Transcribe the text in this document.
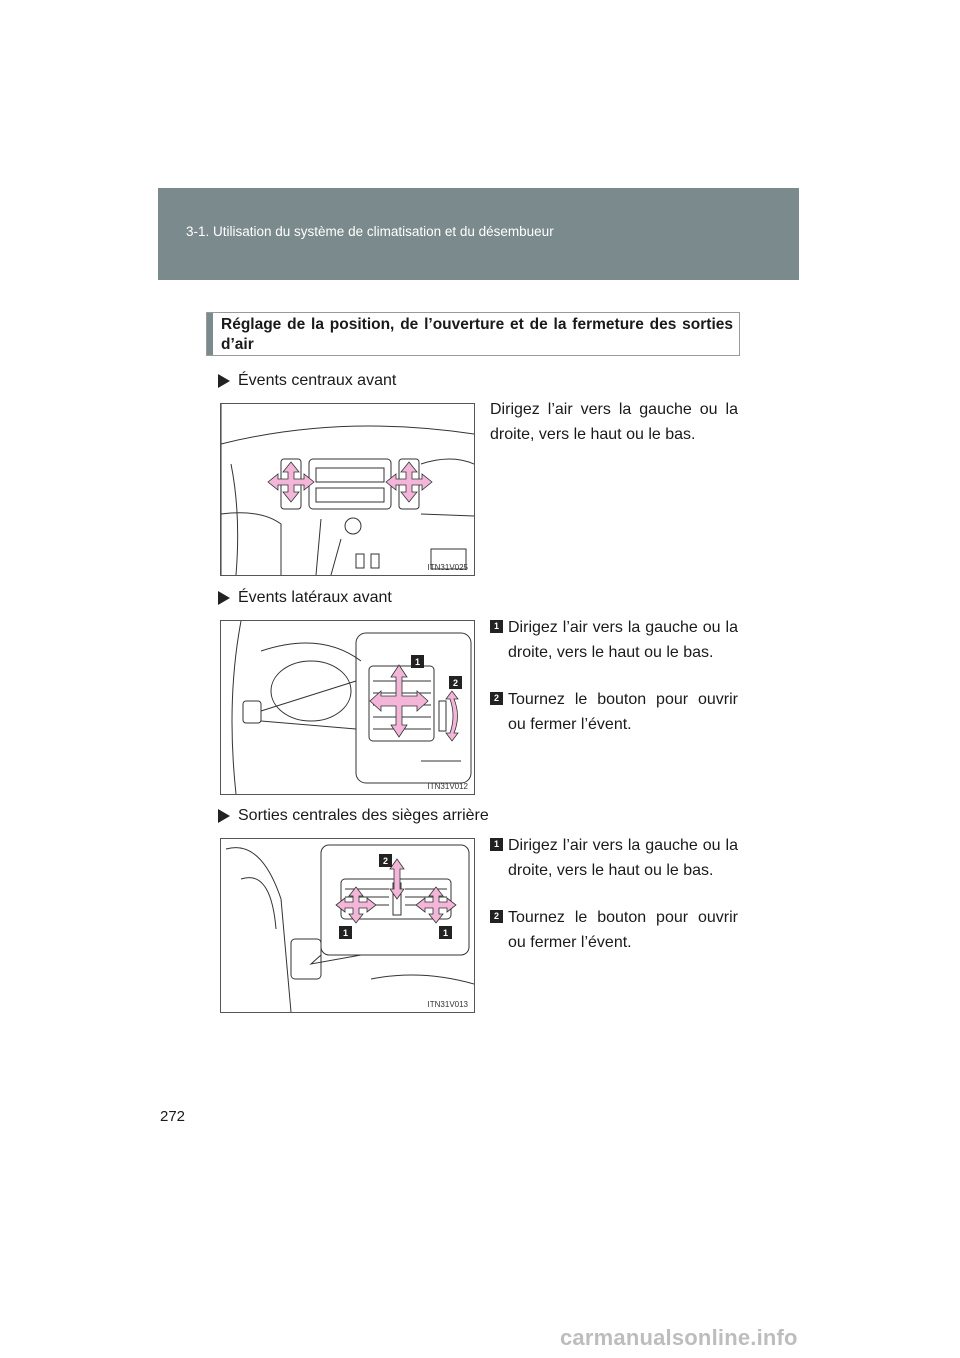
3-1. Utilisation du système de climatisation et du désembueur
Réglage de la position, de l’ouverture et de la fermeture des sorties d’air
Évents centraux avant
ITN31V025
Dirigez l’air vers la gauche ou la droite, vers le haut ou le bas.
Évents latéraux avant
1
2
ITN31V012
1 Dirigez l’air vers la gauche ou la droite, vers le haut ou le bas.
2 Tournez le bouton pour ouvrir ou fermer l’évent.
Sorties centrales des sièges arrière
2
1	1
ITN31V013
1 Dirigez l’air vers la gauche ou la droite, vers le haut ou le bas.
2 Tournez le bouton pour ouvrir ou fermer l’évent.
272
carmanualsonline.info
